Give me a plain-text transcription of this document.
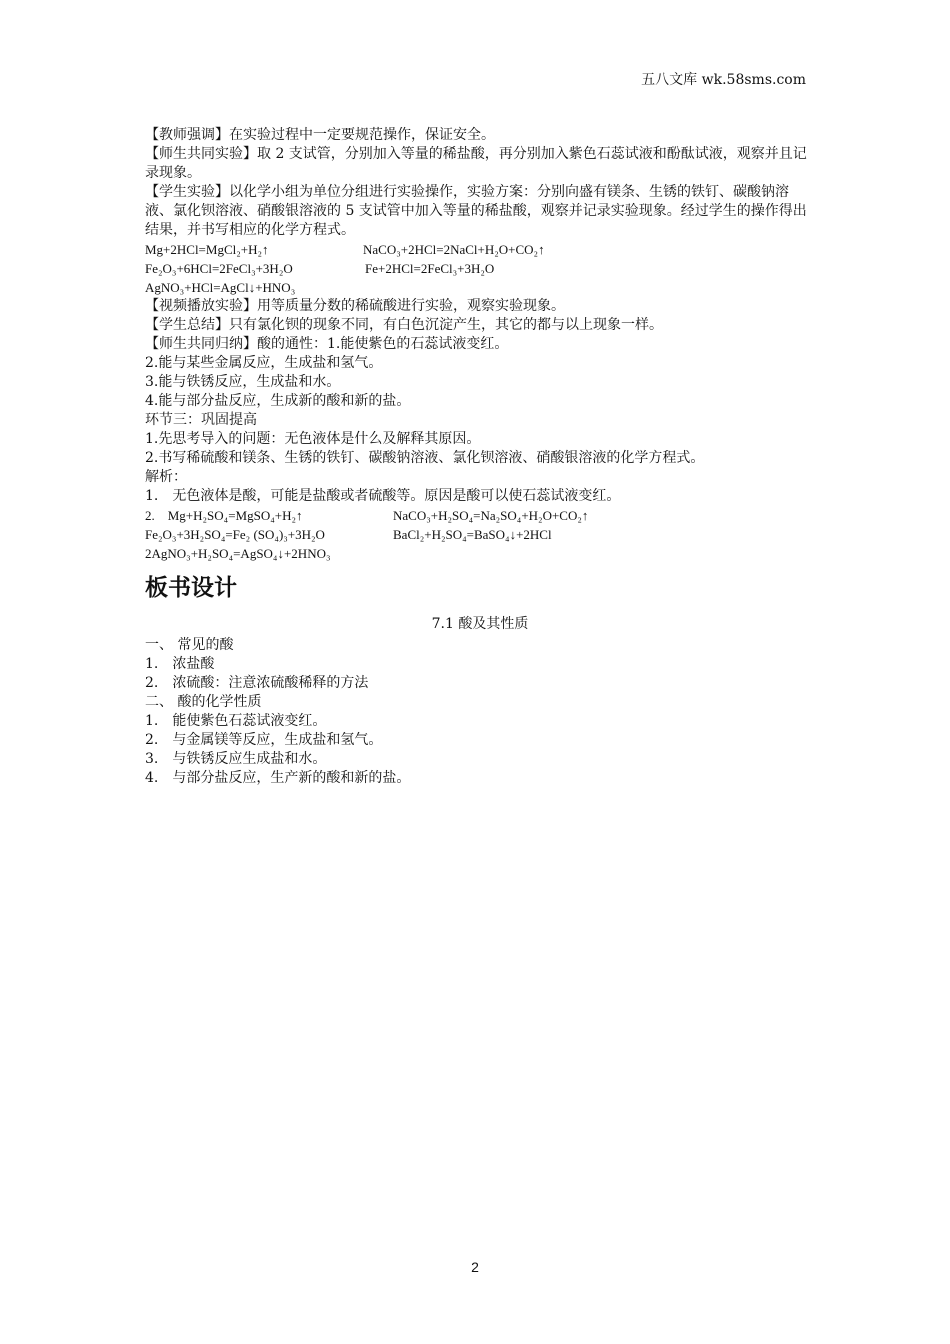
五八文库 wk.58sms.com
【教师强调】在实验过程中一定要规范操作，保证安全。
【师生共同实验】取 2 支试管，分别加入等量的稀盐酸，再分别加入紫色石蕊试液和酚酞试液，观察并且记录现象。
【学生实验】以化学小组为单位分组进行实验操作，实验方案：分别向盛有镁条、生锈的铁钉、碳酸钠溶液、氯化钡溶液、硝酸银溶液的 5 支试管中加入等量的稀盐酸，观察并记录实验现象。经过学生的操作得出结果，并书写相应的化学方程式。
Mg+2HCl=MgCl₂+H₂↑	NaCO₃+2HCl=2NaCl+H₂O+CO₂↑
Fe₂O₃+6HCl=2FeCl₃+3H₂O	Fe+2HCl=2FeCl₃+3H₂O
AgNO₃+HCl=AgCl↓+HNO₃
【视频播放实验】用等质量分数的稀硫酸进行实验，观察实验现象。
【学生总结】只有氯化钡的现象不同，有白色沉淀产生，其它的都与以上现象一样。
【师生共同归纳】酸的通性：1.能使紫色的石蕊试液变红。
2.能与某些金属反应，生成盐和氢气。
3.能与铁锈反应，生成盐和水。
4.能与部分盐反应，生成新的酸和新的盐。
环节三：巩固提高
1.先思考导入的问题：无色液体是什么及解释其原因。
2.书写稀硫酸和镁条、生锈的铁钉、碳酸钠溶液、氯化钡溶液、硝酸银溶液的化学方程式。
解析：
1.　无色液体是酸，可能是盐酸或者硫酸等。原因是酸可以使石蕊试液变红。
2.　Mg+H₂SO₄=MgSO₄+H₂↑	NaCO₃+H₂SO₄=Na₂SO₄+H₂O+CO₂↑
Fe₂O₃+3H₂SO₄=Fe₂ (SO₄)₃+3H₂O	BaCl₂+H₂SO₄=BaSO₄↓+2HCl
2AgNO₃+H₂SO₄=AgSO₄↓+2HNO₃
板书设计
7.1 酸及其性质
一、 常见的酸
1.　浓盐酸
2.　浓硫酸：注意浓硫酸稀释的方法
二、 酸的化学性质
1.　能使紫色石蕊试液变红。
2.　与金属镁等反应，生成盐和氢气。
3.　与铁锈反应生成盐和水。
4.　与部分盐反应，生产新的酸和新的盐。
2
